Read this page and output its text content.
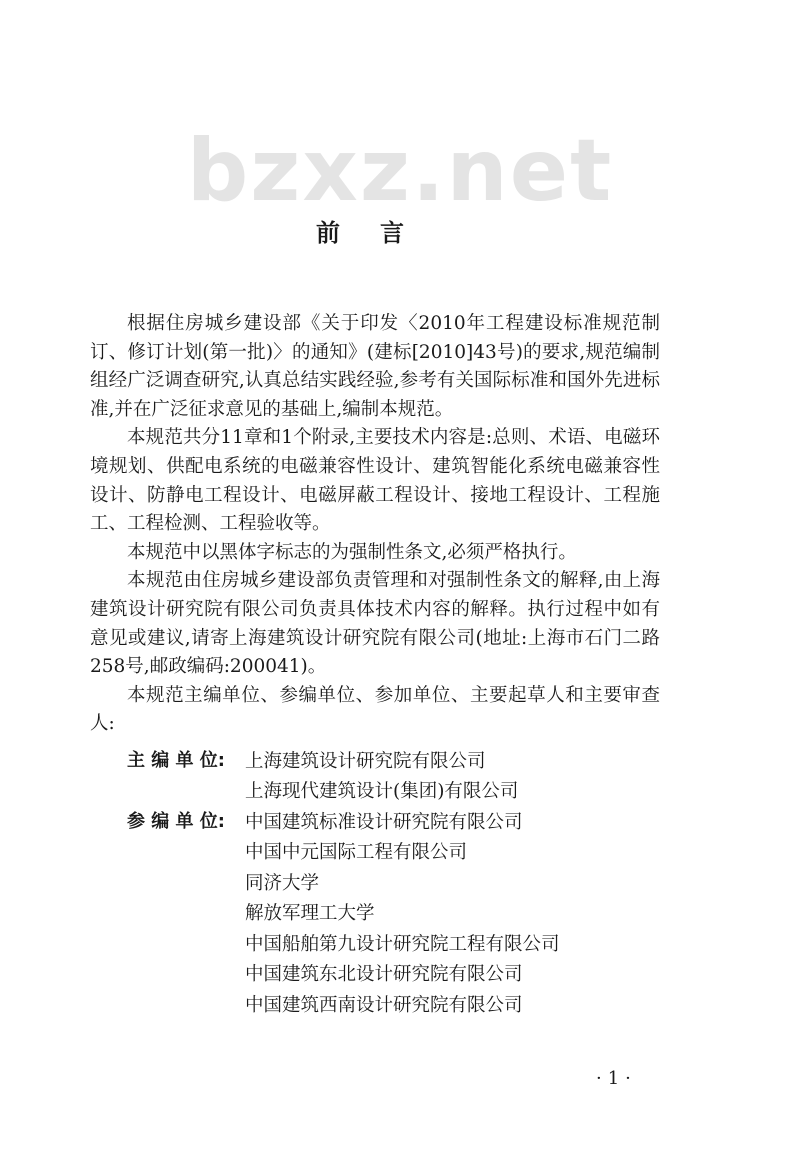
bzxz.net
前言

根据住房城乡建设部《关于印发〈2010年工程建设标准规范制订、修订计划(第一批)〉的通知》(建标[2010]43号)的要求,规范编制组经广泛调查研究,认真总结实践经验,参考有关国际标准和国外先进标准,并在广泛征求意见的基础上,编制本规范。

本规范共分11章和1个附录,主要技术内容是:总则、术语、电磁环境规划、供配电系统的电磁兼容性设计、建筑智能化系统电磁兼容性设计、防静电工程设计、电磁屏蔽工程设计、接地工程设计、工程施工、工程检测、工程验收等。

本规范中以黑体字标志的为强制性条文,必须严格执行。

本规范由住房城乡建设部负责管理和对强制性条文的解释,由上海建筑设计研究院有限公司负责具体技术内容的解释。执行过程中如有意见或建议,请寄上海建筑设计研究院有限公司(地址:上海市石门二路258号,邮政编码:200041)。

本规范主编单位、参编单位、参加单位、主要起草人和主要审查人:

主 编 单 位:	上海建筑设计研究院有限公司
上海现代建筑设计(集团)有限公司
参 编 单 位:	中国建筑标准设计研究院有限公司
中国中元国际工程有限公司
同济大学
解放军理工大学
中国船舶第九设计研究院工程有限公司
中国建筑东北设计研究院有限公司
中国建筑西南设计研究院有限公司
·1·
